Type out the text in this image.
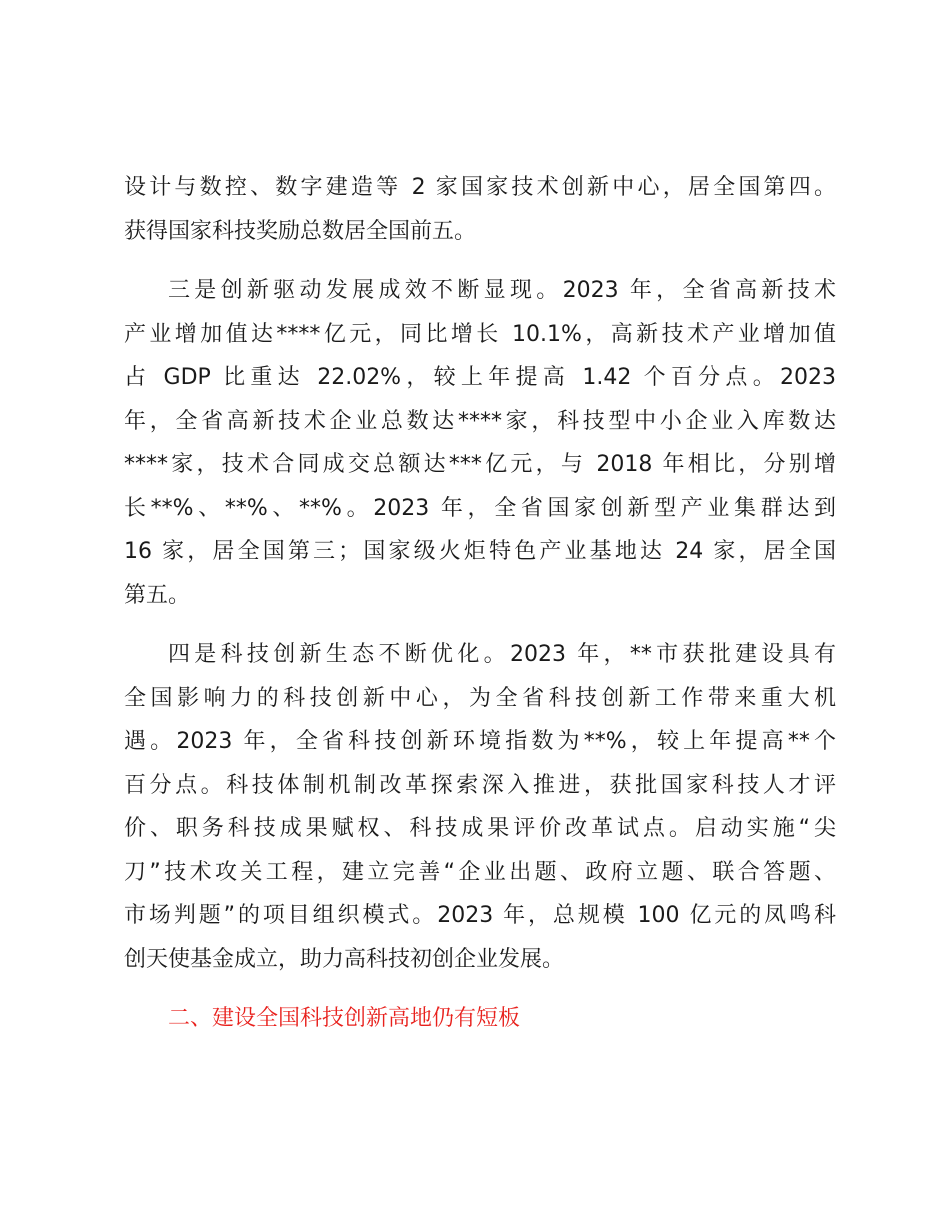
设计与数控、数字建造等 2 家国家技术创新中心，居全国第四。
获得国家科技奖励总数居全国前五。
三是创新驱动发展成效不断显现。2023 年，全省高新技术
产业增加值达****亿元，同比增长 10.1%，高新技术产业增加值
占 GDP 比重达 22.02%，较上年提高 1.42 个百分点。2023
年，全省高新技术企业总数达****家，科技型中小企业入库数达
****家，技术合同成交总额达***亿元，与 2018 年相比，分别增
长**%、**%、**%。2023 年，全省国家创新型产业集群达到
16 家，居全国第三；国家级火炬特色产业基地达 24 家，居全国
第五。
四是科技创新生态不断优化。2023 年，**市获批建设具有
全国影响力的科技创新中心，为全省科技创新工作带来重大机
遇。2023 年，全省科技创新环境指数为**%，较上年提高**个
百分点。科技体制机制改革探索深入推进，获批国家科技人才评
价、职务科技成果赋权、科技成果评价改革试点。启动实施“尖
刀”技术攻关工程，建立完善“企业出题、政府立题、联合答题、
市场判题”的项目组织模式。2023 年，总规模 100 亿元的凤鸣科
创天使基金成立，助力高科技初创企业发展。
二、建设全国科技创新高地仍有短板
